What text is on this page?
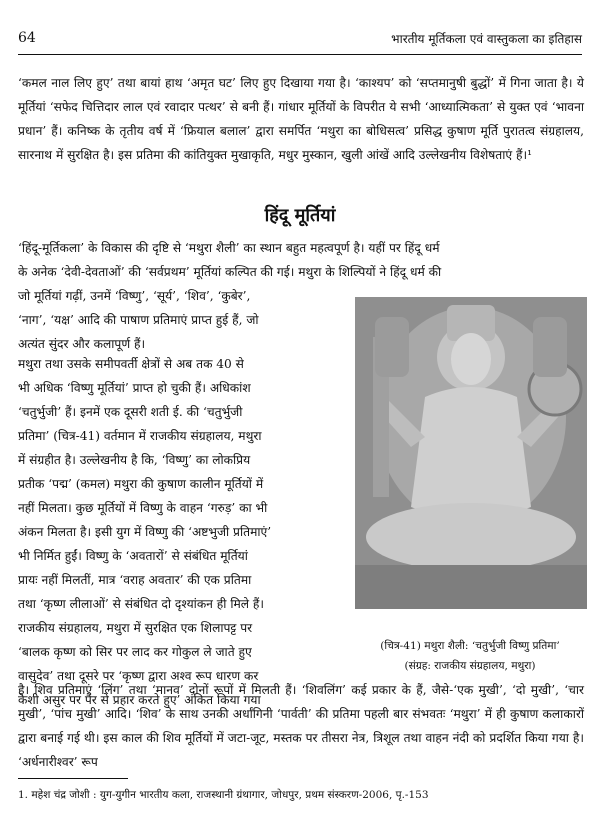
64	भारतीय मूर्तिकला एवं वास्तुकला का इतिहास

‘कमल नाल लिए हुए’ तथा बायां हाथ ‘अमृत घट’ लिए हुए दिखाया गया है। ‘काश्यप’ को ‘सप्तमानुषी बुद्धों’ में गिना जाता है। ये मूर्तियां ‘सफेद चित्तिदार लाल एवं रवादार पत्थर’ से बनी हैं। गांधार मूर्तियों के विपरीत ये सभी ‘आध्यात्मिकता’ से युक्त एवं ‘भावना प्रधान’ हैं। कनिष्क के तृतीय वर्ष में ‘फ्रियाल बलाल’ द्वारा समर्पित ‘मथुरा का बोधिसत्व’ प्रसिद्ध कुषाण मूर्ति पुरातत्व संग्रहालय, सारनाथ में सुरक्षित है। इस प्रतिमा की कांतियुक्त मुखाकृति, मधुर मुस्कान, खुली आंखें आदि उल्लेखनीय विशेषताएं हैं।¹

हिंदू मूर्तियां
‘हिंदू-मूर्तिकला’ के विकास की दृष्टि से ‘मथुरा शैली’ का स्थान बहुत महत्वपूर्ण है। यहीं पर हिंदू धर्म
के अनेक ‘देवी-देवताओं’ की ‘सर्वप्रथम’ मूर्तियां कल्पित की गई। मथुरा के शिल्पियों ने हिंदू धर्म की
जो मूर्तियां गढ़ीं, उनमें ‘विष्णु’, ‘सूर्य’, ‘शिव’, ‘कुबेर’,
‘नाग’, ‘यक्ष’ आदि की पाषाण प्रतिमाएं प्राप्त हुई हैं, जो
अत्यंत सुंदर और कलापूर्ण हैं।
मथुरा तथा उसके समीपवर्ती क्षेत्रों से अब तक 40 से
भी अधिक ‘विष्णु मूर्तियां’ प्राप्त हो चुकी हैं। अधिकांश
‘चतुर्भुजी’ हैं। इनमें एक दूसरी शती ई. की ‘चतुर्भुजी
प्रतिमा’ (चित्र-41) वर्तमान में राजकीय संग्रहालय, मथुरा
में संग्रहीत है। उल्लेखनीय है कि, ‘विष्णु’ का लोकप्रिय
प्रतीक ‘पद्म’ (कमल) मथुरा की कुषाण कालीन मूर्तियों में
नहीं मिलता। कुछ मूर्तियों में विष्णु के वाहन ‘गरुड़’ का भी
अंकन मिलता है। इसी युग में विष्णु की ‘अष्टभुजी प्रतिमाएं’
भी निर्मित हुईं। विष्णु के ‘अवतारों’ से संबंधित मूर्तियां
प्रायः नहीं मिलतीं, मात्र ‘वराह अवतार’ की एक प्रतिमा
तथा ‘कृष्ण लीलाओं’ से संबंधित दो दृश्यांकन ही मिले हैं।
राजकीय संग्रहालय, मथुरा में सुरक्षित एक शिलापट्ट पर
‘बालक कृष्ण को सिर पर लाद कर गोकुल ले जाते हुए
वासुदेव’ तथा दूसरे पर ‘कृष्ण द्वारा अश्व रूप धारण कर
केशी असुर पर पैर से प्रहार करते हुए’ अंकित किया गया
(चित्र-41) मथुरा शैली: ‘चतुर्भुजी विष्णु प्रतिमा’
(संग्रह: राजकीय संग्रहालय, मथुरा)

है। शिव प्रतिमाएं ‘लिंग’ तथा ‘मानव’ दोनों रूपों में मिलती हैं। ‘शिवलिंग’ कई प्रकार के हैं, जैसे-‘एक मुखी’, ‘दो मुखी’, ‘चार मुखी’, ‘पांच मुखी’ आदि। ‘शिव’ के साथ उनकी अर्धांगिनी ‘पार्वती’ की प्रतिमा पहली बार संभवतः ‘मथुरा’ में ही कुषाण कलाकारों द्वारा बनाई गई थी। इस काल की शिव मूर्तियों में जटा-जूट, मस्तक पर तीसरा नेत्र, त्रिशूल तथा वाहन नंदी को प्रदर्शित किया गया है। ‘अर्धनारीश्वर’ रूप

1. महेश चंद्र जोशी : युग-युगीन भारतीय कला, राजस्थानी ग्रंथागार, जोधपुर, प्रथम संस्करण-2006, पृ.-153
